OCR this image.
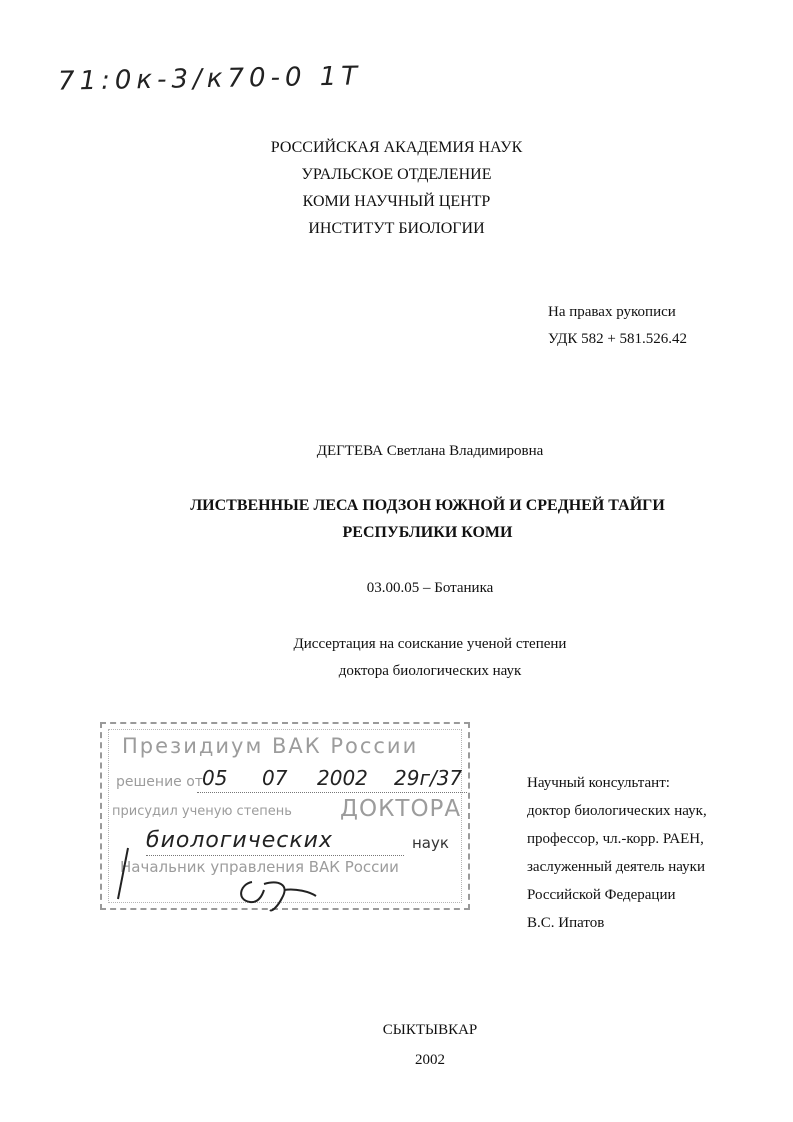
71:0к-3/к70-0 1Т
РОССИЙСКАЯ АКАДЕМИЯ НАУК
УРАЛЬСКОЕ ОТДЕЛЕНИЕ
КОМИ НАУЧНЫЙ ЦЕНТР
ИНСТИТУТ БИОЛОГИИ
На правах рукописи
УДК 582 + 581.526.42
ДЕГТЕВА Светлана Владимировна
ЛИСТВЕННЫЕ ЛЕСА ПОДЗОН ЮЖНОЙ И СРЕДНЕЙ ТАЙГИ
РЕСПУБЛИКИ КОМИ
03.00.05 – Ботаника
Диссертация на соискание ученой степени
доктора биологических наук
Президиум ВАК России
решение от 05 07 2002 29г/37
присудил ученую степень ДОКТОРА
биологических	наук
Начальник управления ВАК России
Научный консультант:
доктор биологических наук,
профессор, чл.-корр. РАЕН,
заслуженный деятель науки
Российской Федерации
В.С. Ипатов
СЫКТЫВКАР
2002
